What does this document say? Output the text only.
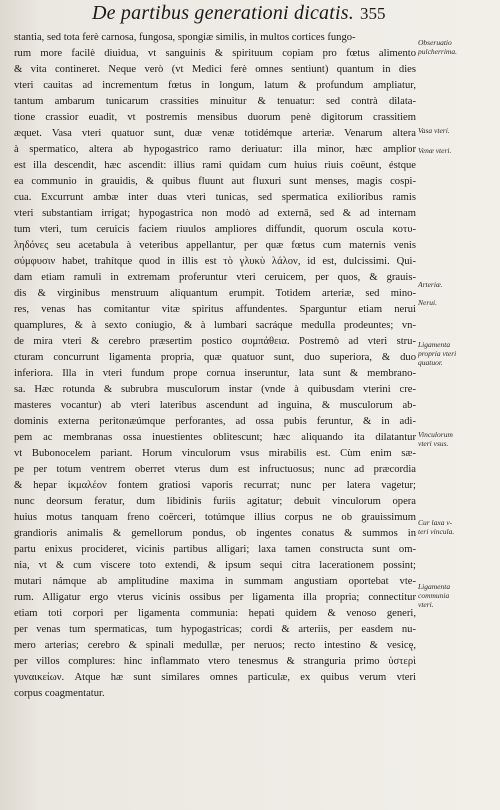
De partibus generationi dicatis. 355
stantia, sed tota ferè carnosa, fungosa, spongiæ similis, in multos cortices fungo-
rum more facilè diuidua, vt sanguinis & spirituum copiam pro fœtus alimento
& vita contineret. Neque verò (vt Medici ferè omnes sentiunt) quantum in dies
vteri cauitas ad incrementum fœtus in longum, latum & profundum ampliatur,
tantum ambarum tunicarum crassities minuitur & tenuatur: sed contrà dilata-
tione crassior euadit, vt postremis mensibus duorum penè digitorum crassitiem
æquet. Vasa vteri quatuor sunt, duæ venæ totidémque arteriæ. Venarum altera
à spermatico, altera ab hypogastrico ramo deriuatur: illa minor, hæc amplior
est illa descendit, hæc ascendit: illius rami quidam cum huius riuis coëunt, éstque
ea communio in grauidis, & quibus fluunt aut fluxuri sunt menses, magis cospi-
cua. Excurrunt ambæ inter duas vteri tunicas, sed spermatica exilioribus ramis
vteri substantiam irrigat; hypogastrica non modò ad externā, sed & ad internam
tum vteri, tum ceruicis faciem riuulos ampliores diffundit, quorum oscula κοτυ-
ληδόνες seu acetabula à veteribus appellantur, per quæ fœtus cum maternis venis
σύμφυσιν habet, trahítque quod in illis est τὸ γλυκὺ λάλον, id est, dulcissimi. Qui-
dam etiam ramuli in extremam proferuntur vteri ceruicem, per quos, & grauis-
dis & virginibus menstruum aliquantum erumpit. Totidem arteriæ, sed mino-
res, venas has comitantur vitæ spiritus affundentes. Sparguntur etiam nerui
quamplures, & à sexto coniugio, & à lumbari sacráque medulla prodeuntes; vn-
de mira vteri & cerebro præsertim postico συμπάθεια. Postremò ad vteri stru-
cturam concurrunt ligamenta propria, quæ quatuor sunt, duo superiora, & duo
inferiora. Illa in vteri fundum prope cornua inseruntur, lata sunt & membrano-
sa. Hæc rotunda & subrubra musculorum instar (vnde à quibusdam vterini cre-
masteres vocantur) ab vteri lateribus ascendunt ad inguina, & musculorum ab-
dominis externa peritonæúmque perforantes, ad ossa pubis feruntur, & in adi-
pem ac membranas ossa inuestientes oblitescunt; hæc aliquando ita dilatantur
vt Bubonocelem pariant. Horum vinculorum vsus mirabilis est. Cùm enim sæ-
pe per totum ventrem oberret vterus dum est infructuosus; nunc ad præcordia
& hepar ἰκμαλέον fontem gratiosi vaporis recurrat; nunc per latera vagetur;
nunc deorsum feratur, dum libidinis furiis agitatur; debuit vinculorum opera
huius motus tanquam freno coërceri, totúmque illius corpus ne ob grauissimum
grandioris animalis & gemellorum pondus, ob ingentes conatus & summos in
partu enixus procideret, vicinis partibus alligari; laxa tamen constructa sunt om-
nia, vt & cum viscere toto extendi, & ipsum sequi citra lacerationem possint;
mutari námque ab amplitudine maxima in summam angustiam oportebat vte-
rum. Alligatur ergo vterus vicinis ossibus per ligamenta illa propria; connectitur
etiam toti corpori per ligamenta communia: hepati quidem & venoso generi,
per venas tum spermaticas, tum hypogastricas; cordi & arteriis, per easdem nu-
mero arterias; cerebro & spinali medullæ, per neruos; recto intestino & vesicę,
per villos complures: hinc inflammato vtero tenesmus & stranguria primo ὑστερὶ
γυναικείων. Atque hæ sunt similares omnes particulæ, ex quibus verum vteri
corpus coagmentatur.
Obseruatio
pulcherrima.
Vasa vteri.
Venæ vteri.
Arteriæ.
Nerui.
Ligamenta
propria vteri
quatuor.
Vinculorum
vteri vsus.
Cur laxa v-
teri vincula.
Ligamenta
communia
vteri.
